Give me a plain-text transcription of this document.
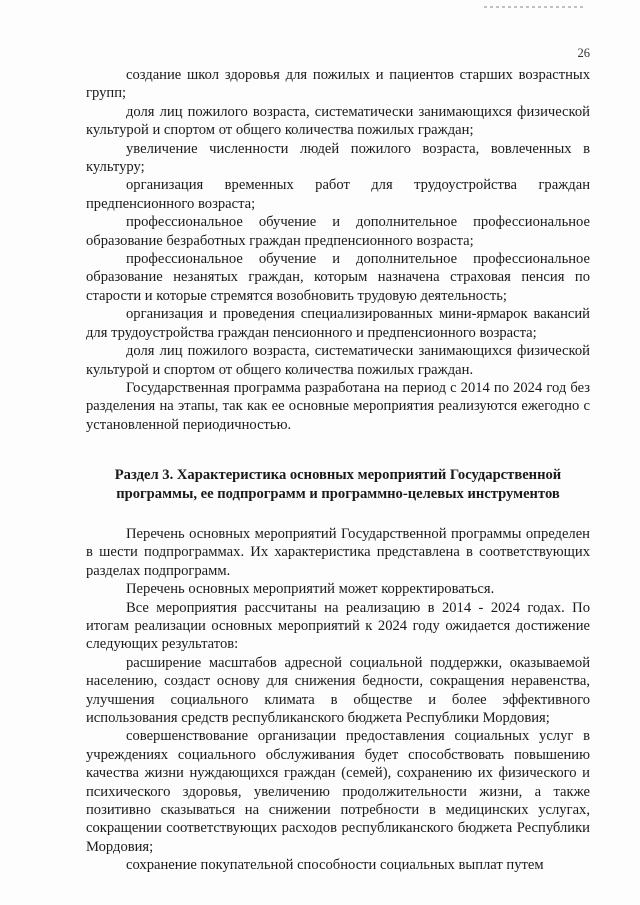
26

создание школ здоровья для пожилых и пациентов старших возрастных групп;

доля лиц пожилого возраста, систематически занимающихся физической культурой и спортом от общего количества пожилых граждан;

увеличение численности людей пожилого возраста, вовлеченных в культуру;

организация временных работ для трудоустройства граждан предпенсионного возраста;

профессиональное обучение и дополнительное профессиональное образование безработных граждан предпенсионного возраста;

профессиональное обучение и дополнительное профессиональное образование незанятых граждан, которым назначена страховая пенсия по старости и которые стремятся возобновить трудовую деятельность;

организация и проведения специализированных мини-ярмарок вакансий для трудоустройства граждан пенсионного и предпенсионного возраста;

доля лиц пожилого возраста, систематически занимающихся физической культурой и спортом от общего количества пожилых граждан.

Государственная программа разработана на период с 2014 по 2024 год без разделения на этапы, так как ее основные мероприятия реализуются ежегодно с установленной периодичностью.

Раздел 3. Характеристика основных мероприятий Государственной программы, ее подпрограмм и программно-целевых инструментов

Перечень основных мероприятий Государственной программы определен в шести подпрограммах. Их характеристика представлена в соответствующих разделах подпрограмм.

Перечень основных мероприятий может корректироваться.

Все мероприятия рассчитаны на реализацию в 2014 - 2024 годах. По итогам реализации основных мероприятий к 2024 году ожидается достижение следующих результатов:

расширение масштабов адресной социальной поддержки, оказываемой населению, создаст основу для снижения бедности, сокращения неравенства, улучшения социального климата в обществе и более эффективного использования средств республиканского бюджета Республики Мордовия;

совершенствование организации предоставления социальных услуг в учреждениях социального обслуживания будет способствовать повышению качества жизни нуждающихся граждан (семей), сохранению их физического и психического здоровья, увеличению продолжительности жизни, а также позитивно сказываться на снижении потребности в медицинских услугах, сокращении соответствующих расходов республиканского бюджета Республики Мордовия;

сохранение покупательной способности социальных выплат путем
